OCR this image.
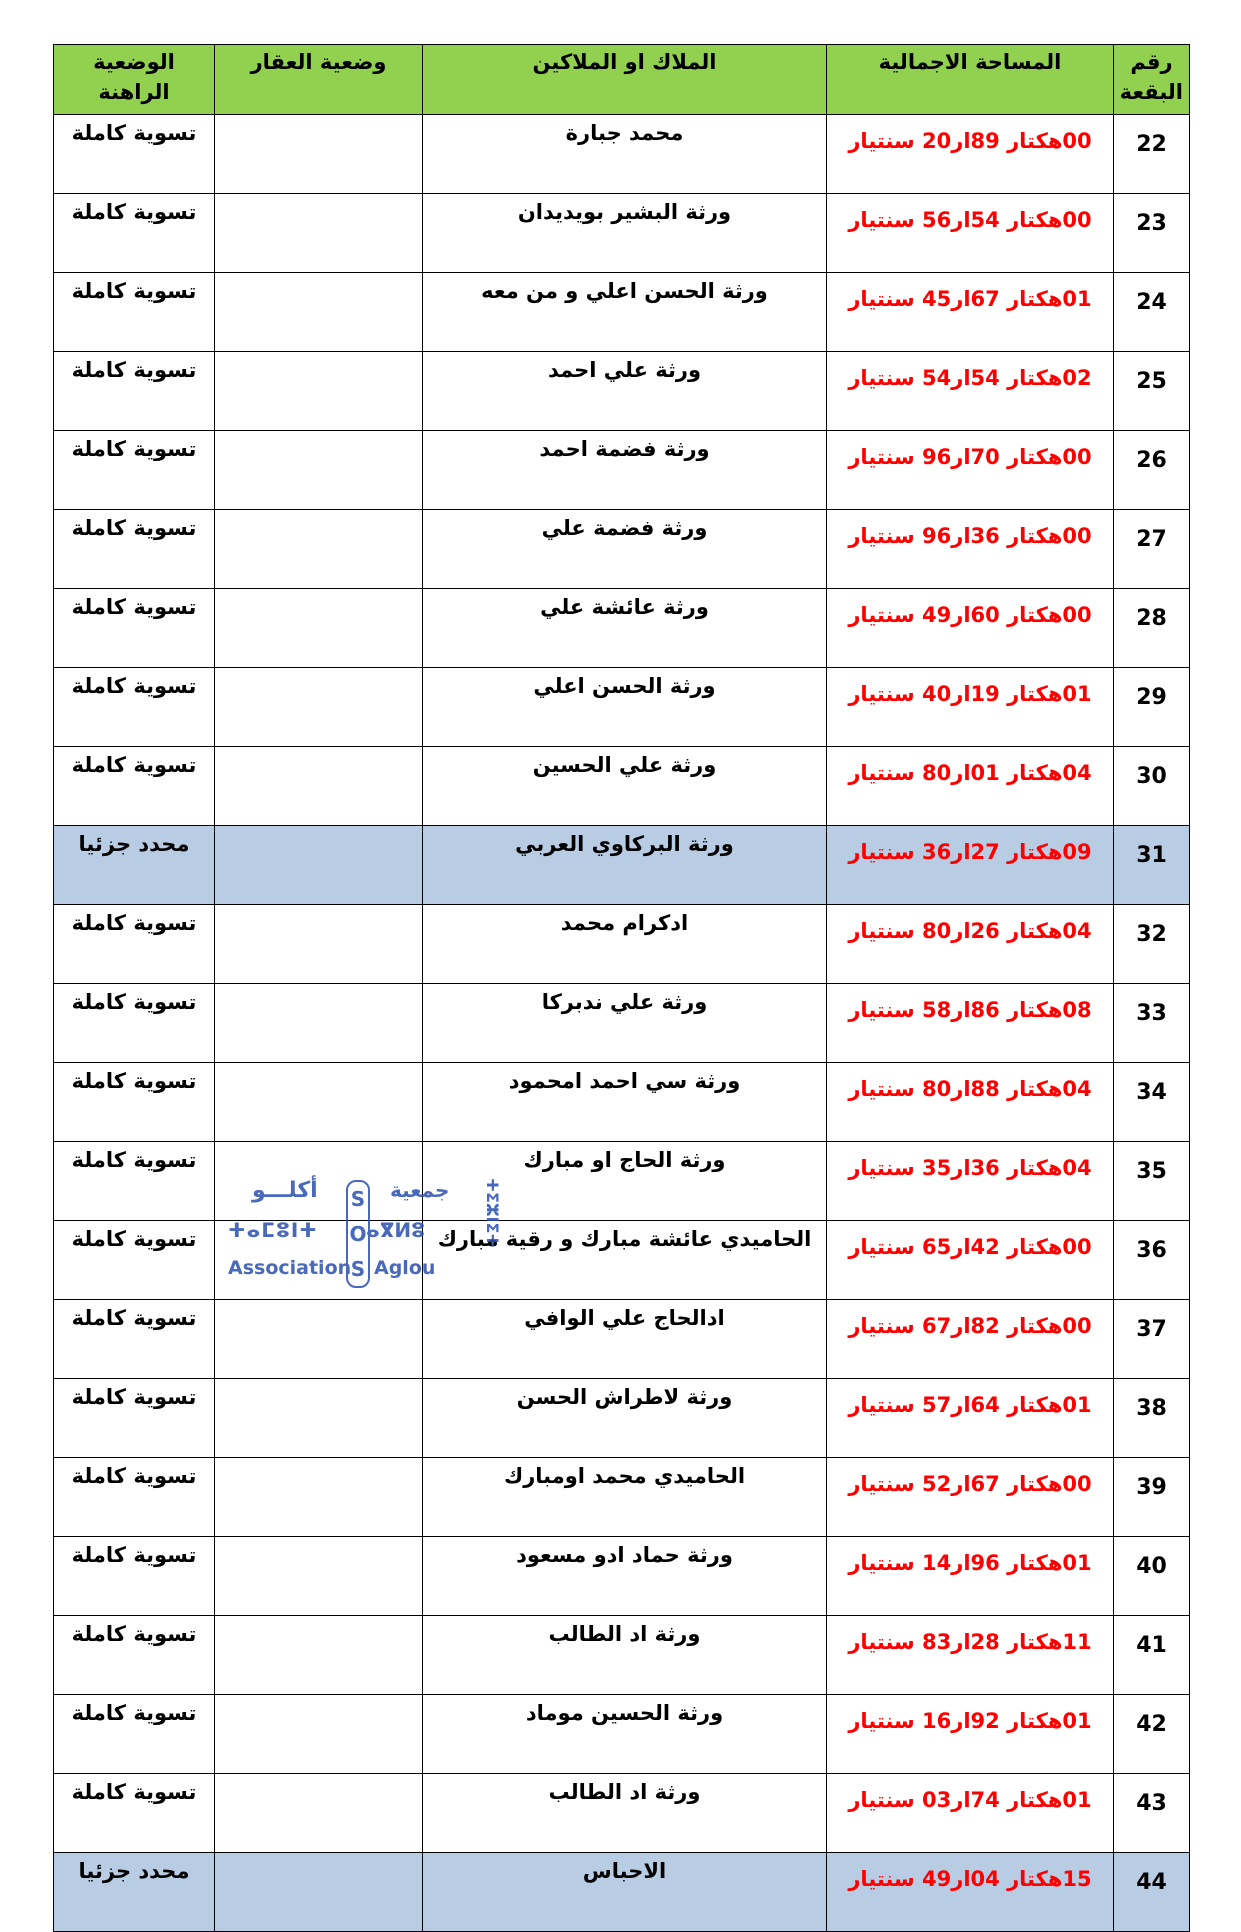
رقم البقعة	المساحة الاجمالية	الملاك او الملاكين	وضعية العقار	الوضعية الراهنة
22	00هكتار 89ار20 سنتيار	محمد جبارة		تسوية كاملة
23	00هكتار 54ار56 سنتيار	ورثة البشير بويديدان		تسوية كاملة
24	01هكتار 67ار45 سنتيار	ورثة الحسن اعلي و من معه		تسوية كاملة
25	02هكتار 54ار54 سنتيار	ورثة علي احمد		تسوية كاملة
26	00هكتار 70ار96 سنتيار	ورثة فضمة احمد		تسوية كاملة
27	00هكتار 36ار96 سنتيار	ورثة فضمة علي		تسوية كاملة
28	00هكتار 60ار49 سنتيار	ورثة عائشة علي		تسوية كاملة
29	01هكتار 19ار40 سنتيار	ورثة الحسن اعلي		تسوية كاملة
30	04هكتار 01ار80 سنتيار	ورثة علي الحسين		تسوية كاملة
31	09هكتار 27ار36 سنتيار	ورثة البركاوي العربي		محدد جزئيا
32	04هكتار 26ار80 سنتيار	ادكرام محمد		تسوية كاملة
33	08هكتار 86ار58 سنتيار	ورثة علي ندبركا		تسوية كاملة
34	04هكتار 88ار80 سنتيار	ورثة سي احمد امحمود		تسوية كاملة
35	04هكتار 36ار35 سنتيار	ورثة الحاج او مبارك		تسوية كاملة
36	00هكتار 42ار65 سنتيار	الحاميدي عائشة مبارك و رقية مبارك		تسوية كاملة
37	00هكتار 82ار67 سنتيار	ادالحاج علي الوافي		تسوية كاملة
38	01هكتار 64ار57 سنتيار	ورثة لاطراش الحسن		تسوية كاملة
39	00هكتار 67ار52 سنتيار	الحاميدي محمد اومبارك		تسوية كاملة
40	01هكتار 96ار14 سنتيار	ورثة حماد ادو مسعود		تسوية كاملة
41	11هكتار 28ار83 سنتيار	ورثة اد الطالب		تسوية كاملة
42	01هكتار 92ار16 سنتيار	ورثة الحسين موماد		تسوية كاملة
43	01هكتار 74ار03 سنتيار	ورثة اد الطالب		تسوية كاملة
44	15هكتار 04ار49 سنتيار	الاحباس		محدد جزئيا
أكلـــو	جمعية
ⵜⴰⵎⵓⵏⵜ ⴰⴳⵍⵓ
Association Aglou
S
O
S
ⵜⵉⵣⵏⵉⵜ
